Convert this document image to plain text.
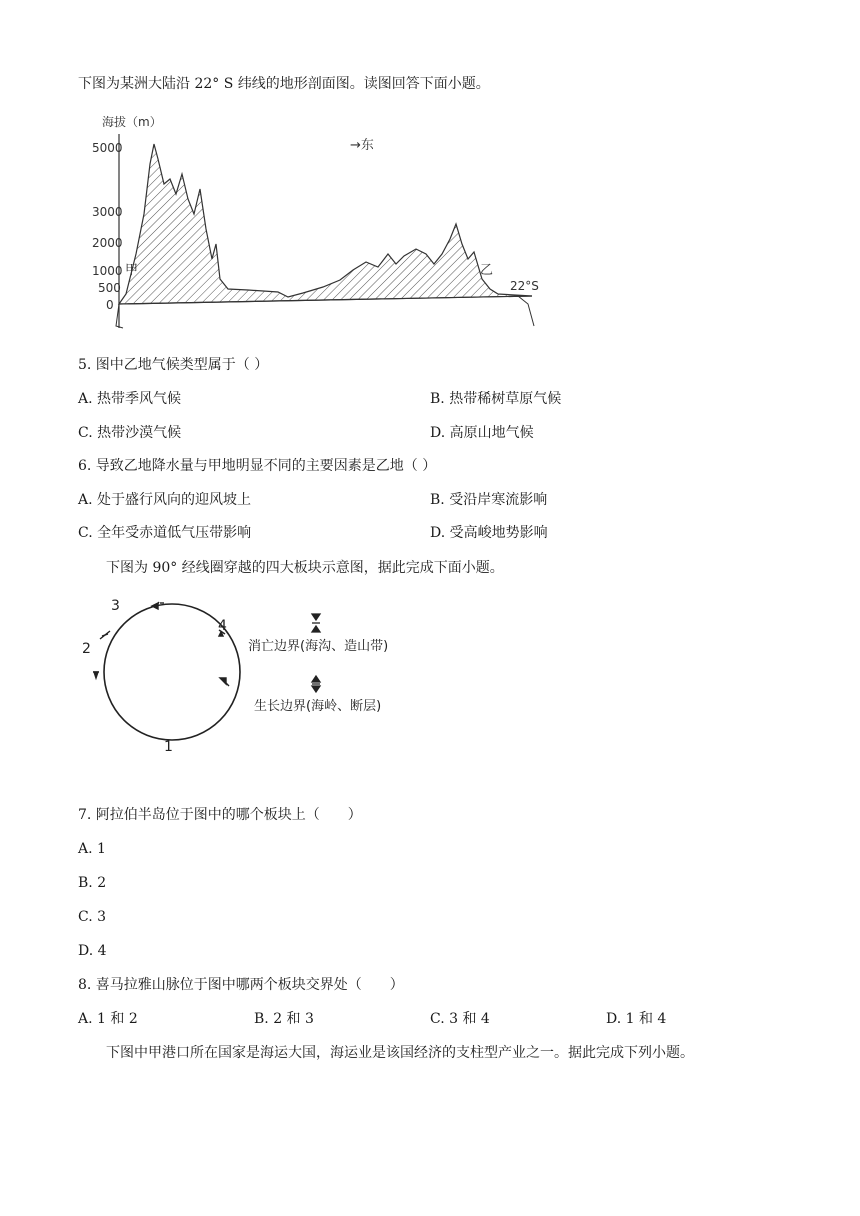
下图为某洲大陆沿 22° S 纬线的地形剖面图。读图回答下面小题。
海拔（m）
→东
5000
3000
2000
1000
500
0
甲	乙
22°S
5. 图中乙地气候类型属于（ ）
A. 热带季风气候	B. 热带稀树草原气候
C. 热带沙漠气候	D. 高原山地气候
6. 导致乙地降水量与甲地明显不同的主要因素是乙地（ ）
A. 处于盛行风向的迎风坡上	B. 受沿岸寒流影响
C. 全年受赤道低气压带影响	D. 受高峻地势影响
下图为 90° 经线圈穿越的四大板块示意图，据此完成下面小题。
3
2
4
1
消亡边界(海沟、造山带)
生长边界(海岭、断层)
7. 阿拉伯半岛位于图中的哪个板块上（　　）
A. 1
B. 2
C. 3
D. 4
8. 喜马拉雅山脉位于图中哪两个板块交界处（　　）
A. 1 和 2	B. 2 和 3	C. 3 和 4	D. 1 和 4
下图中甲港口所在国家是海运大国，海运业是该国经济的支柱型产业之一。据此完成下列小题。
